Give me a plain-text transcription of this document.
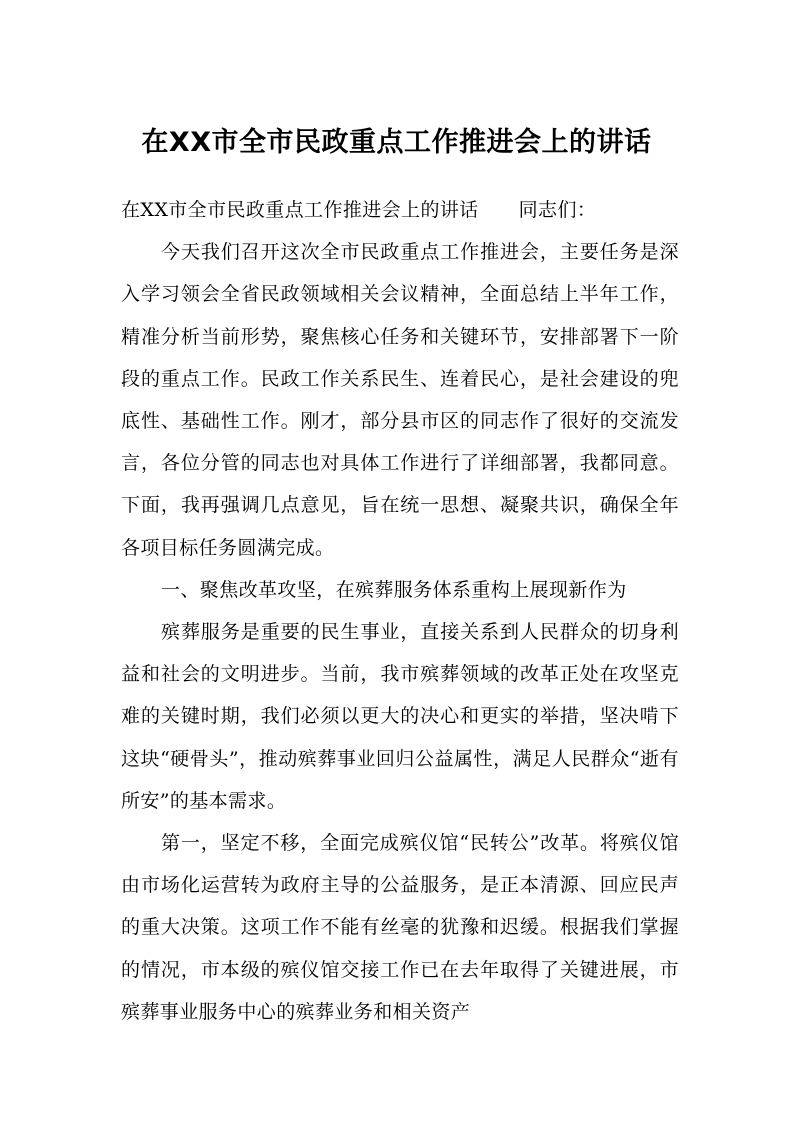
在XX市全市民政重点工作推进会上的讲话

在XX市全市民政重点工作推进会上的讲话 同志们：

今天我们召开这次全市民政重点工作推进会，主要任务是深入学习领会全省民政领域相关会议精神，全面总结上半年工作，精准分析当前形势，聚焦核心任务和关键环节，安排部署下一阶段的重点工作。民政工作关系民生、连着民心，是社会建设的兜底性、基础性工作。刚才，部分县市区的同志作了很好的交流发言，各位分管的同志也对具体工作进行了详细部署，我都同意。下面，我再强调几点意见，旨在统一思想、凝聚共识，确保全年各项目标任务圆满完成。

一、聚焦改革攻坚，在殡葬服务体系重构上展现新作为

殡葬服务是重要的民生事业，直接关系到人民群众的切身利益和社会的文明进步。当前，我市殡葬领域的改革正处在攻坚克难的关键时期，我们必须以更大的决心和更实的举措，坚决啃下这块“硬骨头”，推动殡葬事业回归公益属性，满足人民群众“逝有所安”的基本需求。

第一，坚定不移，全面完成殡仪馆“民转公”改革。将殡仪馆由市场化运营转为政府主导的公益服务，是正本清源、回应民声的重大决策。这项工作不能有丝毫的犹豫和迟缓。根据我们掌握的情况，市本级的殡仪馆交接工作已在去年取得了关键进展，市殡葬事业服务中心的殡葬业务和相关资产
